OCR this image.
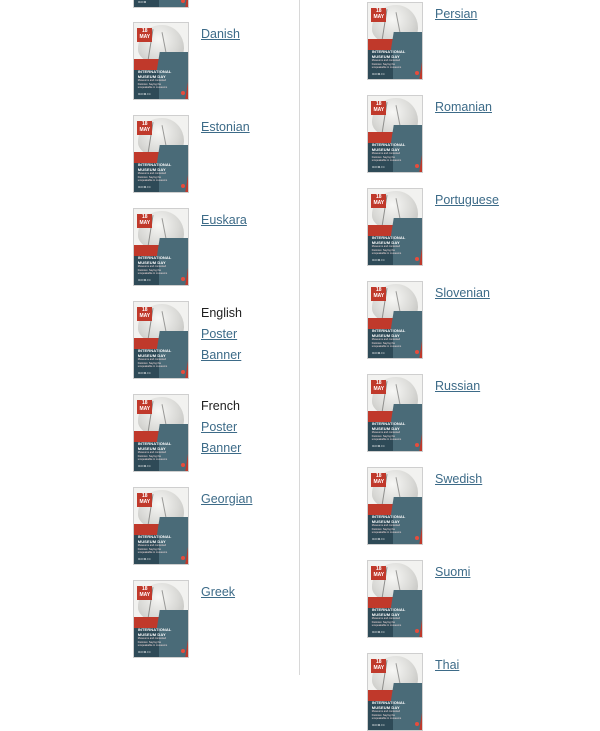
ICOM
18
MAY
INTERNATIONAL
MUSEUM DAY
Museums and contested histories: Saying the unspeakable in museums
ICOM.IC
Danish
18
MAY
INTERNATIONAL
MUSEUM DAY
Museums and contested histories: Saying the unspeakable in museums
ICOM.IC
Estonian
18
MAY
INTERNATIONAL
MUSEUM DAY
Museums and contested histories: Saying the unspeakable in museums
ICOM.IC
Euskara
18
MAY
INTERNATIONAL
MUSEUM DAY
Museums and contested histories: Saying the unspeakable in museums
ICOM.IC
English
Poster
Banner
18
MAY
INTERNATIONAL
MUSEUM DAY
Museums and contested histories: Saying the unspeakable in museums
ICOM.IC
French
Poster
Banner
18
MAY
INTERNATIONAL
MUSEUM DAY
Museums and contested histories: Saying the unspeakable in museums
ICOM.IC
Georgian
18
MAY
INTERNATIONAL
MUSEUM DAY
Museums and contested histories: Saying the unspeakable in museums
ICOM.IC
Greek
18
MAY
INTERNATIONAL
MUSEUM DAY
Museums and contested histories: Saying the unspeakable in museums
ICOM.IC
Persian
18
MAY
INTERNATIONAL
MUSEUM DAY
Museums and contested histories: Saying the unspeakable in museums
ICOM.IC
Romanian
18
MAY
INTERNATIONAL
MUSEUM DAY
Museums and contested histories: Saying the unspeakable in museums
ICOM.IC
Portuguese
18
MAY
INTERNATIONAL
MUSEUM DAY
Museums and contested histories: Saying the unspeakable in museums
ICOM.IC
Slovenian
18
MAY
INTERNATIONAL
MUSEUM DAY
Museums and contested histories: Saying the unspeakable in museums
ICOM.IC
Russian
18
MAY
INTERNATIONAL
MUSEUM DAY
Museums and contested histories: Saying the unspeakable in museums
ICOM.IC
Swedish
18
MAY
INTERNATIONAL
MUSEUM DAY
Museums and contested histories: Saying the unspeakable in museums
ICOM.IC
Suomi
18
MAY
INTERNATIONAL
MUSEUM DAY
Museums and contested histories: Saying the unspeakable in museums
ICOM.IC
Thai
